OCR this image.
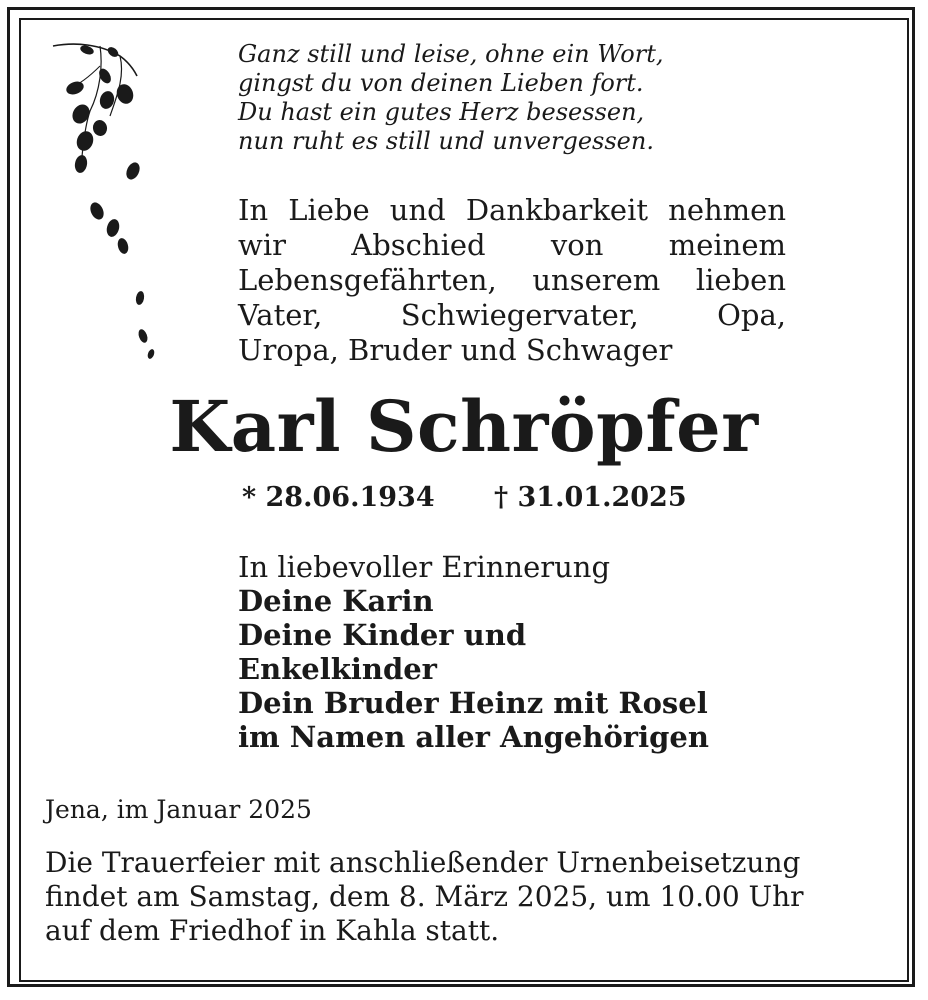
Ganz still und leise, ohne ein Wort,
gingst du von deinen Lieben fort.
Du hast ein gutes Herz besessen,
nun ruht es still und unvergessen.
In Liebe und Dankbarkeit nehmen
wir Abschied von meinem
Lebensgefährten, unserem lieben
Vater, Schwiegervater, Opa,
Uropa, Bruder und Schwager
Karl Schröpfer
* 28.06.1934 † 31.01.2025
In liebevoller Erinnerung
Deine Karin
Deine Kinder und
Enkelkinder
Dein Bruder Heinz mit Rosel
im Namen aller Angehörigen
Jena, im Januar 2025
Die Trauerfeier mit anschließender Urnenbeisetzung
findet am Samstag, dem 8. März 2025, um 10.00 Uhr
auf dem Friedhof in Kahla statt.
